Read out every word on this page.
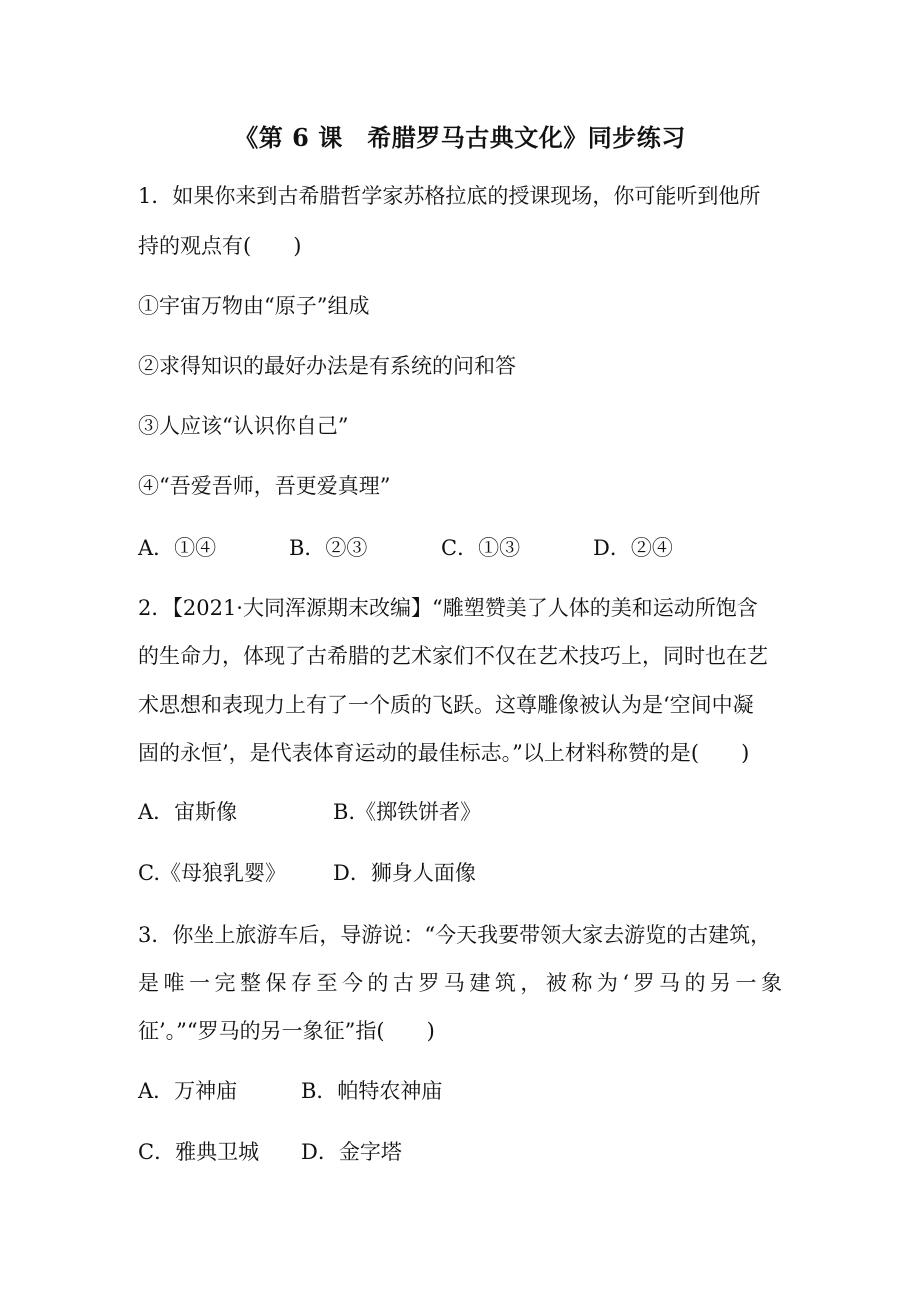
《第 6 课　希腊罗马古典文化》同步练习
1．如果你来到古希腊哲学家苏格拉底的授课现场，你可能听到他所
持的观点有(　　)
①宇宙万物由“原子”组成
②求得知识的最好办法是有系统的问和答
③人应该“认识你自己”
④“吾爱吾师，吾更爱真理”
A．①④	B．②③	C．①③	D．②④
2．【2021·大同浑源期末改编】“雕塑赞美了人体的美和运动所饱含
的生命力，体现了古希腊的艺术家们不仅在艺术技巧上，同时也在艺
术思想和表现力上有了一个质的飞跃。这尊雕像被认为是‘空间中凝
固的永恒’，是代表体育运动的最佳标志。”以上材料称赞的是(　　)
A．宙斯像	B.《掷铁饼者》
C.《母狼乳婴》 D．狮身人面像
3．你坐上旅游车后，导游说：“今天我要带领大家去游览的古建筑，
是唯一完整保存至今的古罗马建筑，被称为‘罗马的另一象
征’。”“罗马的另一象征”指(　　)
A．万神庙	B．帕特农神庙
C．雅典卫城 D．金字塔
